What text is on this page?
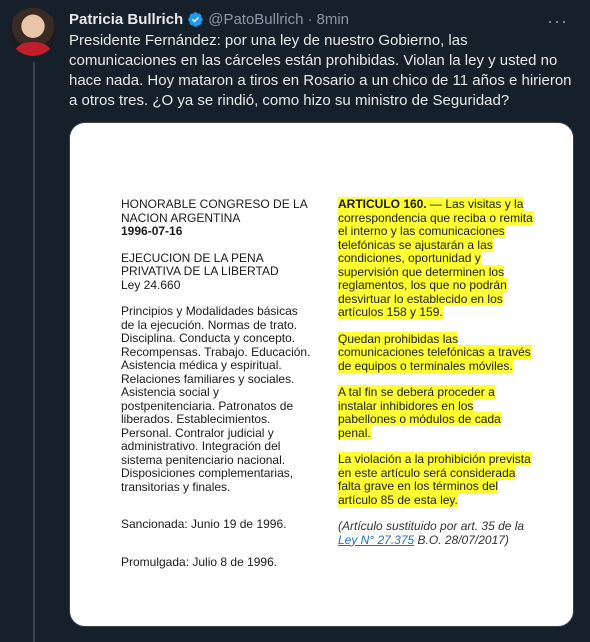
Patricia Bullrich @PatoBullrich · 8min	···
Presidente Fernández: por una ley de nuestro Gobierno, las comunicaciones en las cárceles están prohibidas. Violan la ley y usted no hace nada. Hoy mataron a tiros en Rosario a un chico de 11 años e hirieron a otros tres. ¿O ya se rindió, como hizo su ministro de Seguridad?

HONORABLE CONGRESO DE LA

NACION ARGENTINA

1996-07-16

EJECUCION DE LA PENA

PRIVATIVA DE LA LIBERTAD

Ley 24.660

Principios y Modalidades básicas de la ejecución. Normas de trato. Disciplina. Conducta y concepto. Recompensas. Trabajo. Educación. Asistencia médica y espiritual. Relaciones familiares y sociales. Asistencia social y postpenitenciaria. Patronatos de liberados. Establecimientos. Personal. Contralor judicial y administrativo. Integración del sistema penitenciario nacional. Disposiciones complementarias, transitorias y finales.

Sancionada: Junio 19 de 1996.

Promulgada: Julio 8 de 1996.

ARTICULO 160. — Las visitas y la correspondencia que reciba o remita el interno y las comunicaciones telefónicas se ajustarán a las condiciones, oportunidad y supervisión que determinen los reglamentos, los que no podrán desvirtuar lo establecido en los artículos 158 y 159.

Quedan prohibidas las comunicaciones telefónicas a través de equipos o terminales móviles.

A tal fin se deberá proceder a instalar inhibidores en los pabellones o módulos de cada penal.

La violación a la prohibición prevista en este artículo será considerada falta grave en los términos del artículo 85 de esta ley.

(Artículo sustituido por art. 35 de la Ley N° 27.375 B.O. 28/07/2017)
